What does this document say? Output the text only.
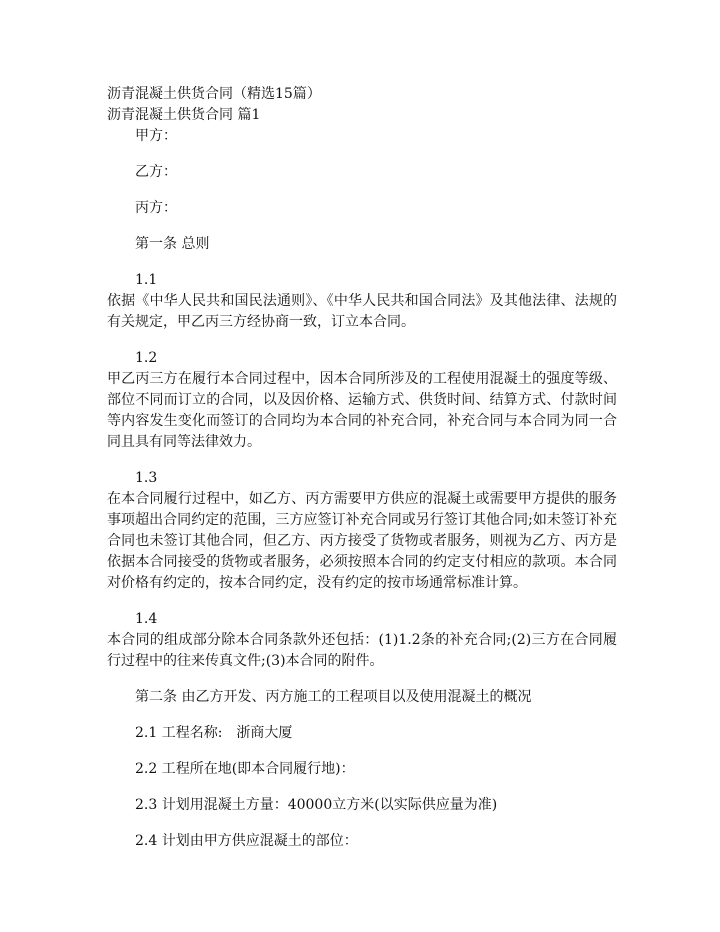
沥青混凝土供货合同（精选15篇）
沥青混凝土供货合同 篇1
甲方：
乙方：
丙方：
第一条 总则
1.1
依据《中华人民共和国民法通则》、《中华人民共和国合同法》及其他法律、法规的有关规定，甲乙丙三方经协商一致，订立本合同。
1.2
甲乙丙三方在履行本合同过程中，因本合同所涉及的工程使用混凝土的强度等级、部位不同而订立的合同，以及因价格、运输方式、供货时间、结算方式、付款时间等内容发生变化而签订的合同均为本合同的补充合同，补充合同与本合同为同一合同且具有同等法律效力。
1.3
在本合同履行过程中，如乙方、丙方需要甲方供应的混凝土或需要甲方提供的服务事项超出合同约定的范围，三方应签订补充合同或另行签订其他合同;如未签订补充合同也未签订其他合同，但乙方、丙方接受了货物或者服务，则视为乙方、丙方是依据本合同接受的货物或者服务，必须按照本合同的约定支付相应的款项。本合同对价格有约定的，按本合同约定，没有约定的按市场通常标准计算。
1.4
本合同的组成部分除本合同条款外还包括：(1)1.2条的补充合同;(2)三方在合同履行过程中的往来传真文件;(3)本合同的附件。
第二条 由乙方开发、丙方施工的工程项目以及使用混凝土的概况
2.1 工程名称:　浙商大厦
2.2 工程所在地(即本合同履行地)：
2.3 计划用混凝土方量：40000立方米(以实际供应量为准)
2.4 计划由甲方供应混凝土的部位：
